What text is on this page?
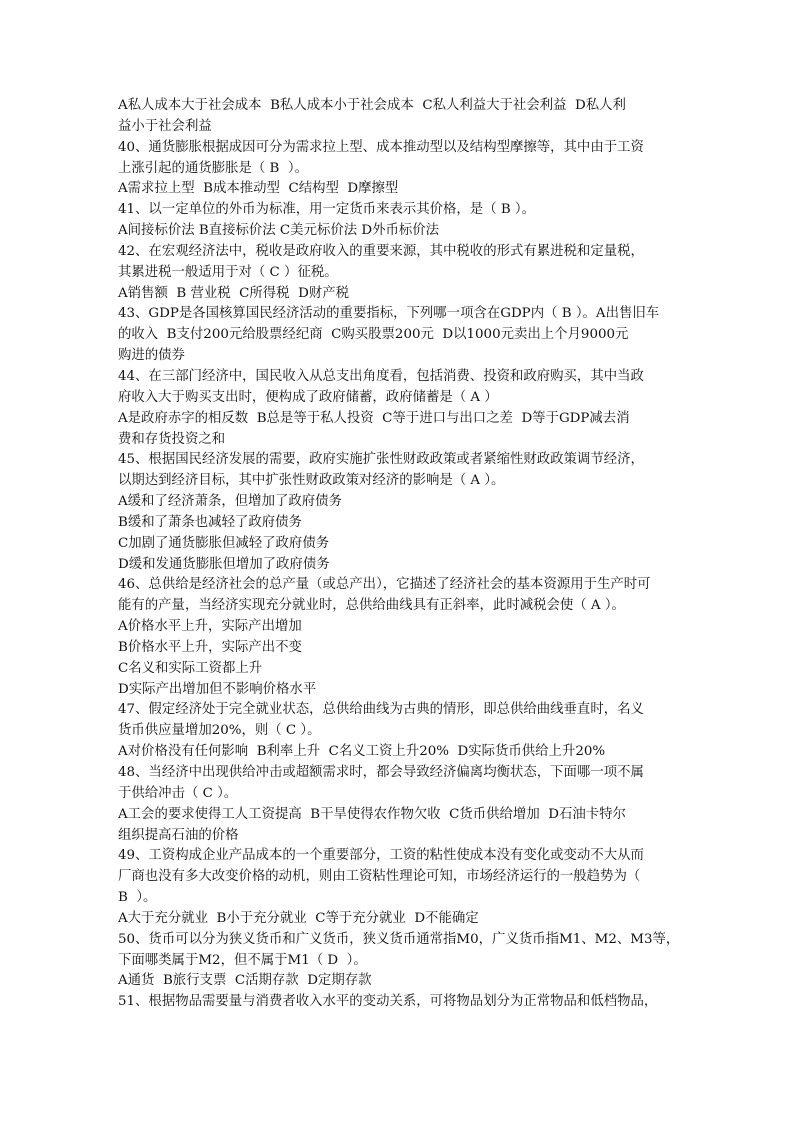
A私人成本大于社会成本  B私人成本小于社会成本  C私人利益大于社会利益  D私人利
益小于社会利益
40、通货膨胀根据成因可分为需求拉上型、成本推动型以及结构型摩擦等，其中由于工资
上涨引起的通货膨胀是（ B  ）。
A需求拉上型  B成本推动型  C结构型  D摩擦型
41、以一定单位的外币为标准，用一定货币来表示其价格，是（ B ）。
A间接标价法 B直接标价法 C美元标价法 D外币标价法
42、在宏观经济法中，税收是政府收入的重要来源，其中税收的形式有累进税和定量税，
其累进税一般适用于对（ C ）征税。
A销售额  B 营业税  C所得税  D财产税
43、GDP是各国核算国民经济活动的重要指标，下列哪一项含在GDP内（ B ）。A出售旧车
的收入  B支付200元给股票经纪商  C购买股票200元  D以1000元卖出上个月9000元
购进的债券
44、在三部门经济中，国民收入从总支出角度看，包括消费、投资和政府购买，其中当政
府收入大于购买支出时，便构成了政府储蓄，政府储蓄是（ A ）
A是政府赤字的相反数  B总是等于私人投资  C等于进口与出口之差  D等于GDP减去消
费和存货投资之和
45、根据国民经济发展的需要，政府实施扩张性财政政策或者紧缩性财政政策调节经济，
以期达到经济目标，其中扩张性财政政策对经济的影响是（ A ）。
A缓和了经济萧条，但增加了政府债务
B缓和了萧条也减轻了政府债务
C加剧了通货膨胀但减轻了政府债务
D缓和发通货膨胀但增加了政府债务
46、总供给是经济社会的总产量（或总产出），它描述了经济社会的基本资源用于生产时可
能有的产量，当经济实现充分就业时，总供给曲线具有正斜率，此时减税会使（ A ）。
A价格水平上升，实际产出增加
B价格水平上升，实际产出不变
C名义和实际工资都上升
D实际产出增加但不影响价格水平
47、假定经济处于完全就业状态，总供给曲线为古典的情形，即总供给曲线垂直时，名义
货币供应量增加20%，则（ C ）。
A对价格没有任何影响  B利率上升  C名义工资上升20%  D实际货币供给上升20%
48、当经济中出现供给冲击或超额需求时，都会导致经济偏离均衡状态，下面哪一项不属
于供给冲击（ C ）。
A工会的要求使得工人工资提高  B干旱使得农作物欠收  C货币供给增加  D石油卡特尔
组织提高石油的价格
49、工资构成企业产品成本的一个重要部分，工资的粘性使成本没有变化或变动不大从而
厂商也没有多大改变价格的动机，则由工资粘性理论可知，市场经济运行的一般趋势为（
B  ）。
A大于充分就业  B小于充分就业  C等于充分就业  D不能确定
50、货币可以分为狭义货币和广义货币，狭义货币通常指M0，广义货币指M1、M2、M3等，
下面哪类属于M2，但不属于M1（ D  ）。
A通货  B旅行支票  C活期存款  D定期存款
51、根据物品需要量与消费者收入水平的变动关系，可将物品划分为正常物品和低档物品，
